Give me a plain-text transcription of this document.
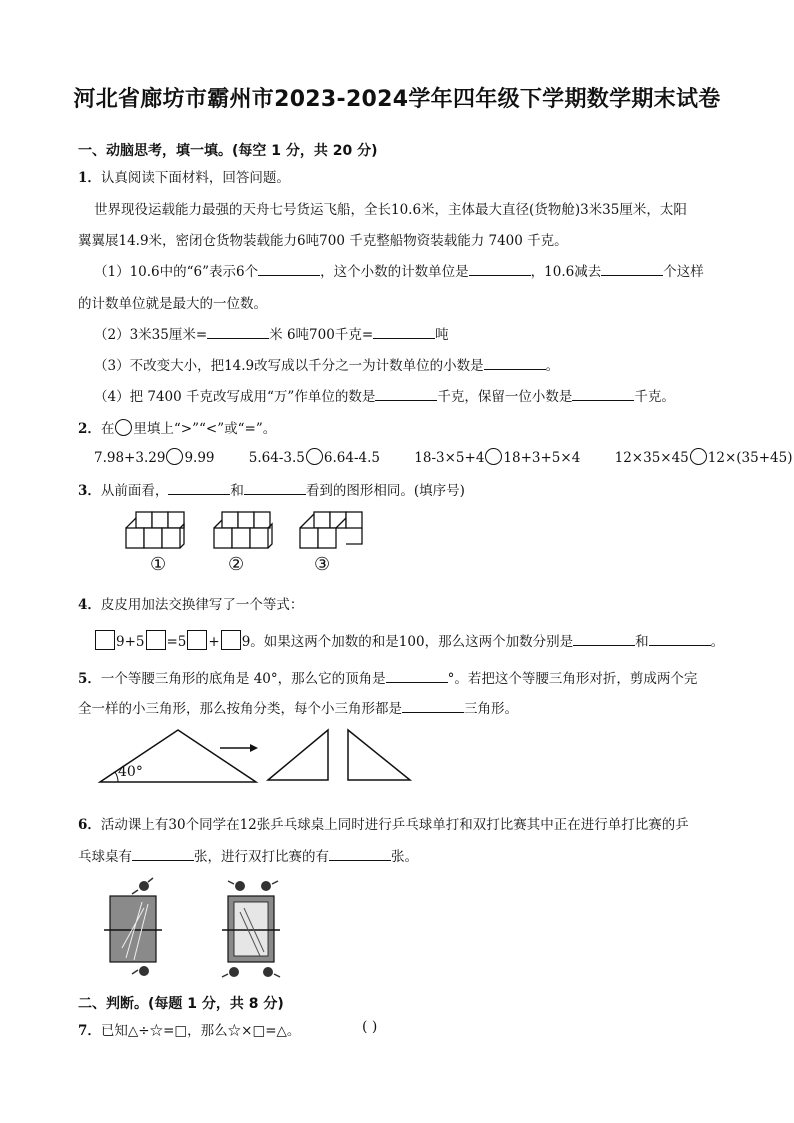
河北省廊坊市霸州市2023-2024学年四年级下学期数学期末试卷
一、动脑思考，填一填。(每空 1 分，共 20 分)
1．认真阅读下面材料，回答问题。
世界现役运载能力最强的天舟七号货运飞船，全长10.6米，主体最大直径(货物舱)3米35厘米，太阳
翼翼展14.9米，密闭仓货物装载能力6吨700 千克整船物资装载能力 7400 千克。
（1）10.6中的“6”表示6个	，这个小数的计数单位是	，10.6减去	个这样
的计数单位就是最大的一位数。
（2）3米35厘米=	米 6吨700千克=	吨
（3）不改变大小，把14.9改写成以千分之一为计数单位的小数是	。
（4）把 7400 千克改写成用“万”作单位的数是	千克，保留一位小数是	千克。
2．在 里填上“>”“<”或“=”。
7.98+3.29 9.99	5.64-3.5 6.64-4.5	18-3×5+4 18+3+5×4	12×35×45 12×(35+45)
3．从前面看，	和	看到的图形相同。(填序号)
①	②	③
4．皮皮用加法交换律写了一个等式：
9+5 =5 + 9。如果这两个加数的和是100，那么这两个加数分别是	和	。
5．一个等腰三角形的底角是 40°，那么它的顶角是	°。若把这个等腰三角形对折，剪成两个完
全一样的小三角形，那么按角分类，每个小三角形都是	三角形。
40°
6．活动课上有30个同学在12张乒乓球桌上同时进行乒乓球单打和双打比赛其中正在进行单打比赛的乒
乓球桌有	张，进行双打比赛的有	张。
二、判断。(每题 1 分，共 8 分)
7．已知△÷☆=□，那么☆×□=△。	( )
